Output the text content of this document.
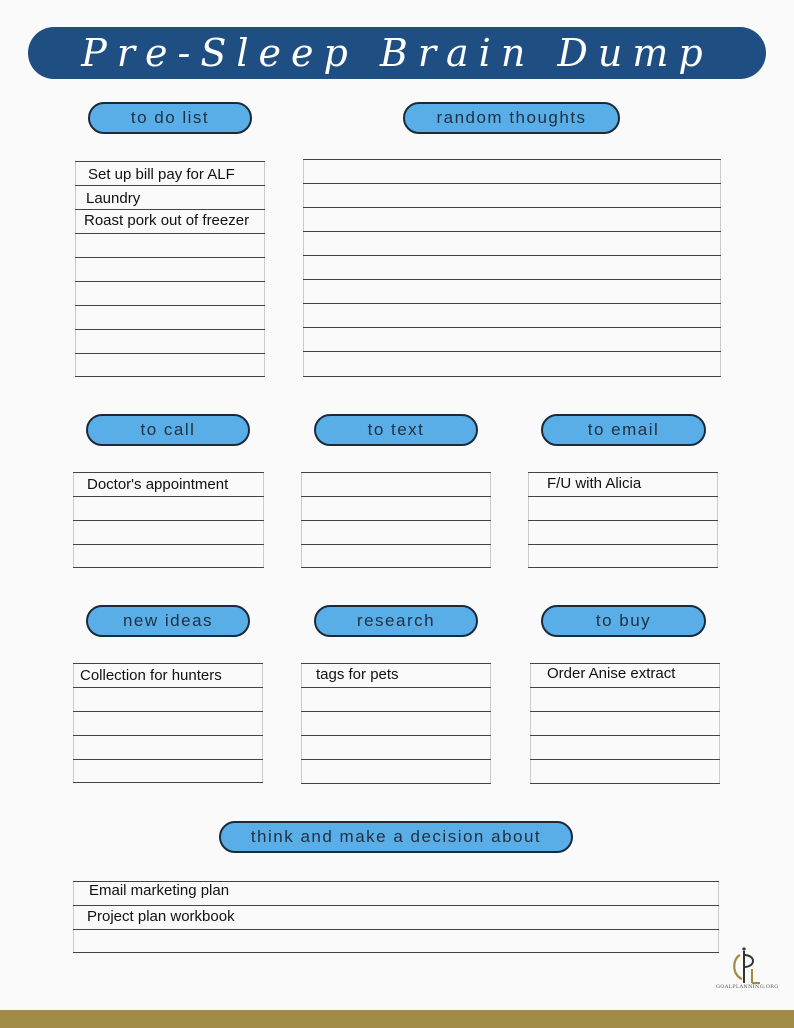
Pre-Sleep Brain Dump
to do list	random thoughts
to call	to text	to email
new ideas	research	to buy
think and make a decision about
Set up bill pay for ALF
Laundry
Roast pork out of freezer
Doctor's appointment	F/U with Alicia
Collection for hunters	tags for pets	Order Anise extract
Email marketing plan
Project plan workbook
GOALPLANNING.ORG
